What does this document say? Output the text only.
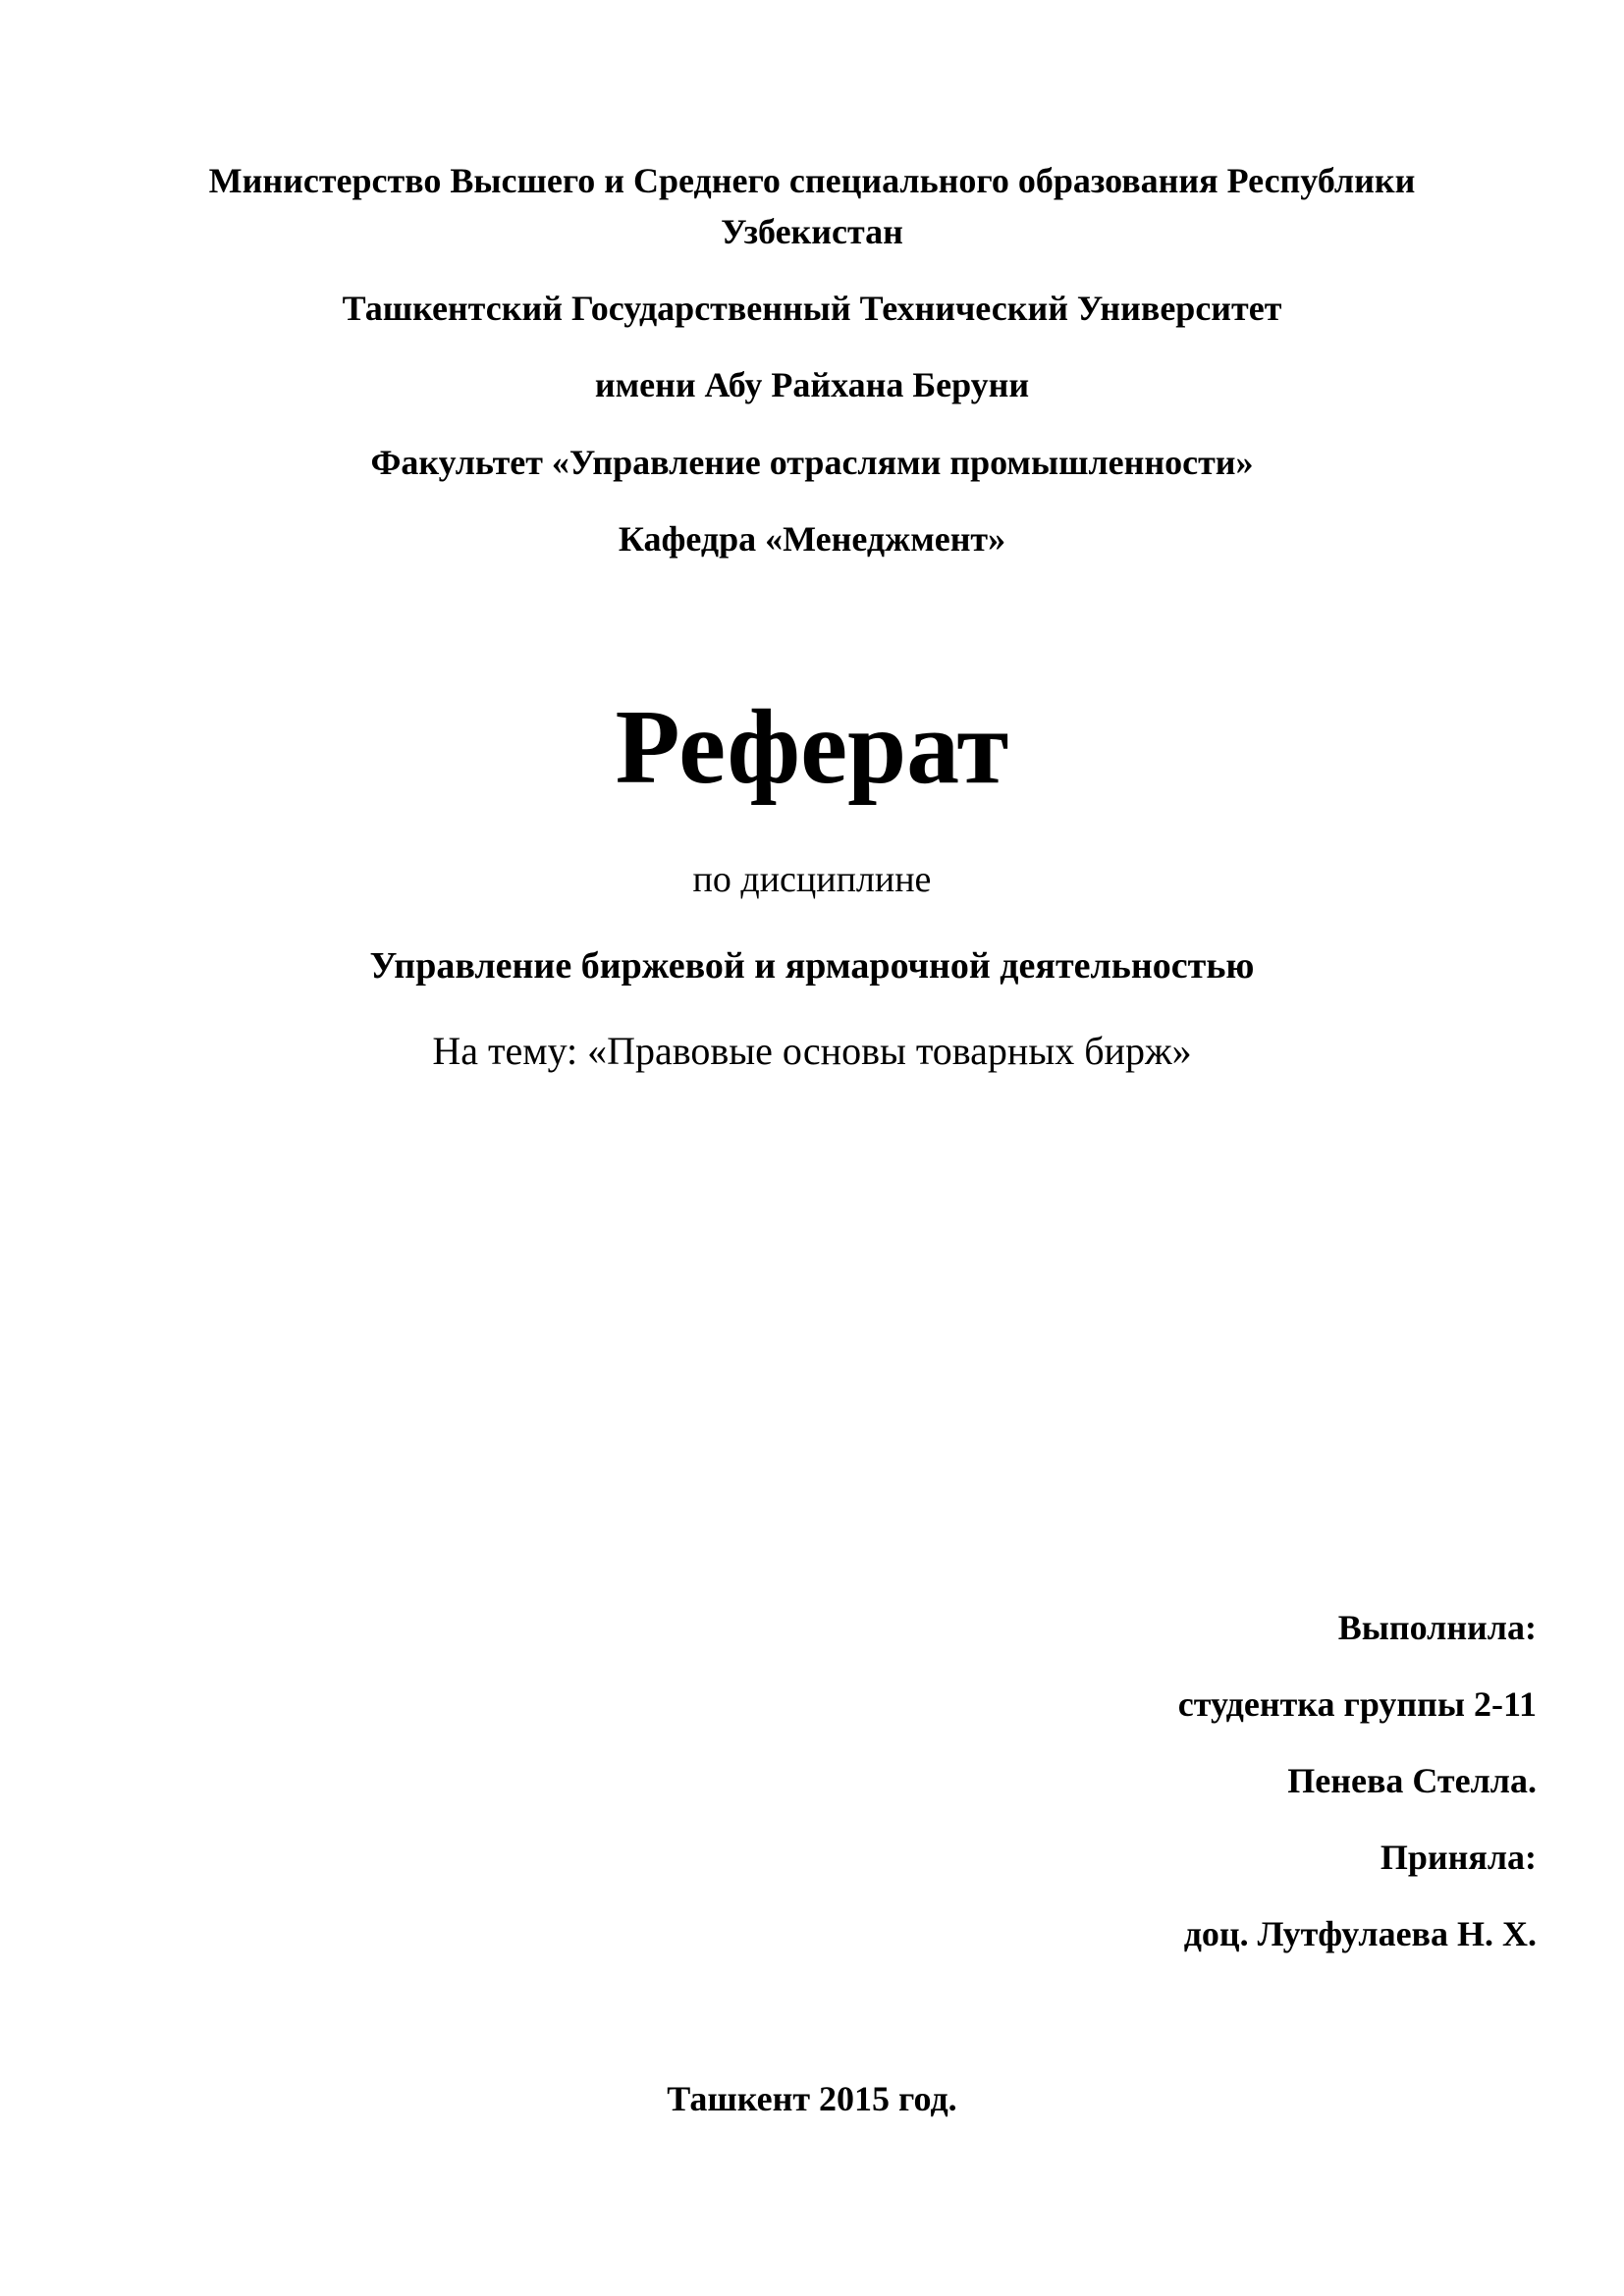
Министерство Высшего и Среднего специального образования Республики
Узбекистан
Ташкентский Государственный Технический Университет
имени Абу Райхана Беруни
Факультет «Управление отраслями промышленности»
Кафедра «Менеджмент»
Реферат
по дисциплине
Управление биржевой и ярмарочной деятельностью
На тему: «Правовые основы товарных бирж»
Выполнила:
студентка группы 2-11
Пенева Стелла.
Приняла:
доц. Лутфулаева Н. Х.
Ташкент 2015 год.
